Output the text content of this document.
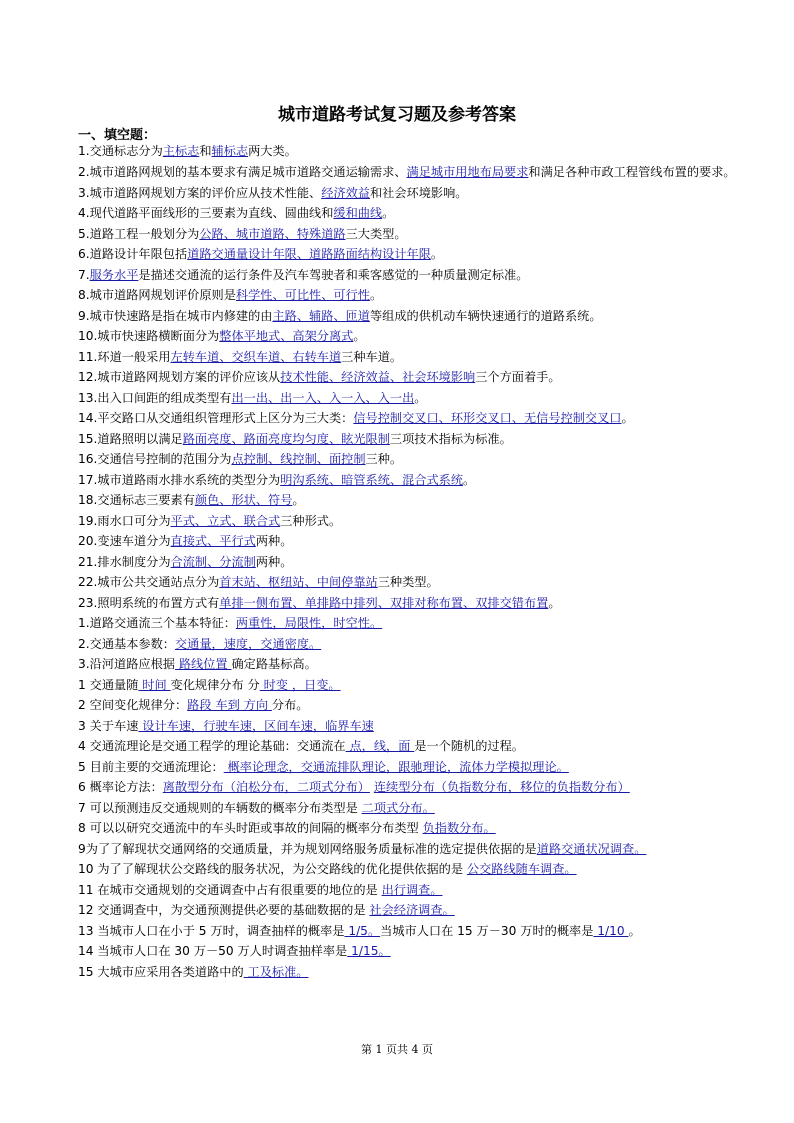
城市道路考试复习题及参考答案
一、填空题：

1.交通标志分为主标志和辅标志两大类。

2.城市道路网规划的基本要求有满足城市道路交通运输需求、满足城市用地布局要求和满足各种市政工程管线布置的要求。

3.城市道路网规划方案的评价应从技术性能、经济效益和社会环境影响。

4.现代道路平面线形的三要素为直线、圆曲线和缓和曲线。

5.道路工程一般划分为公路、城市道路、特殊道路三大类型。

6.道路设计年限包括道路交通量设计年限、道路路面结构设计年限。

7.服务水平是描述交通流的运行条件及汽车驾驶者和乘客感觉的一种质量测定标准。

8.城市道路网规划评价原则是科学性、可比性、可行性。

9.城市快速路是指在城市内修建的由主路、辅路、匝道等组成的供机动车辆快速通行的道路系统。

10.城市快速路横断面分为整体平地式、高架分离式。

11.环道一般采用左转车道、交织车道、右转车道三种车道。

12.城市道路网规划方案的评价应该从技术性能、经济效益、社会环境影响三个方面着手。

13.出入口间距的组成类型有出一出、出一入、入一入、入一出。

14.平交路口从交通组织管理形式上区分为三大类：信号控制交叉口、环形交叉口、无信号控制交叉口。

15.道路照明以满足路面亮度、路面亮度均匀度、眩光限制三项技术指标为标准。

16.交通信号控制的范围分为点控制、线控制、面控制三种。

17.城市道路雨水排水系统的类型分为明沟系统、暗管系统、混合式系统。

18.交通标志三要素有颜色、形状、符号。

19.雨水口可分为平式、立式、联合式三种形式。

20.变速车道分为直接式、平行式两种。

21.排水制度分为合流制、分流制两种。

22.城市公共交通站点分为首末站、枢纽站、中间停靠站三种类型。

23.照明系统的布置方式有单排一侧布置、单排路中排列、双排对称布置、双排交错布置。

1.道路交通流三个基本特征：两重性，局限性，时空性。

2.交通基本参数：交通量，速度，交通密度。

3.沿河道路应根据 路线位置 确定路基标高。

1 交通量随 时间 变化规律分布 分 时变 ，日变。

2 空间变化规律分：路段 车到 方向 分布。

3 关于车速 设计车速，行驶车速，区间车速，临界车速

4 交通流理论是交通工程学的理论基础：交通流在 点，线，面 是一个随机的过程。

5 目前主要的交通流理论： 概率论理念，交通流排队理论，跟驰理论，流体力学模拟理论。

6 概率论方法：离散型分布（泊松分布，二项式分布） 连续型分布（负指数分布，移位的负指数分布）

7 可以预测违反交通规则的车辆数的概率分布类型是 二项式分布。

8 可以以研究交通流中的车头时距或事故的间隔的概率分布类型 负指数分布。

9为了了解现状交通网络的交通质量，并为规划网络服务质量标准的选定提供依据的是道路交通状况调查。

10 为了了解现状公交路线的服务状况，为公交路线的优化提供依据的是 公交路线随车调查。

11 在城市交通规划的交通调查中占有很重要的地位的是 出行调查。

12 交通调查中，为交通预测提供必要的基础数据的是 社会经济调查。

13 当城市人口在小于 5 万时，调查抽样的概率是 1/5。当城市人口在 15 万－30 万时的概率是 1/10 。

14 当城市人口在 30 万－50 万人时调查抽样率是 1/15。

15 大城市应采用各类道路中的 工及标准。

第 1 页共 4 页
